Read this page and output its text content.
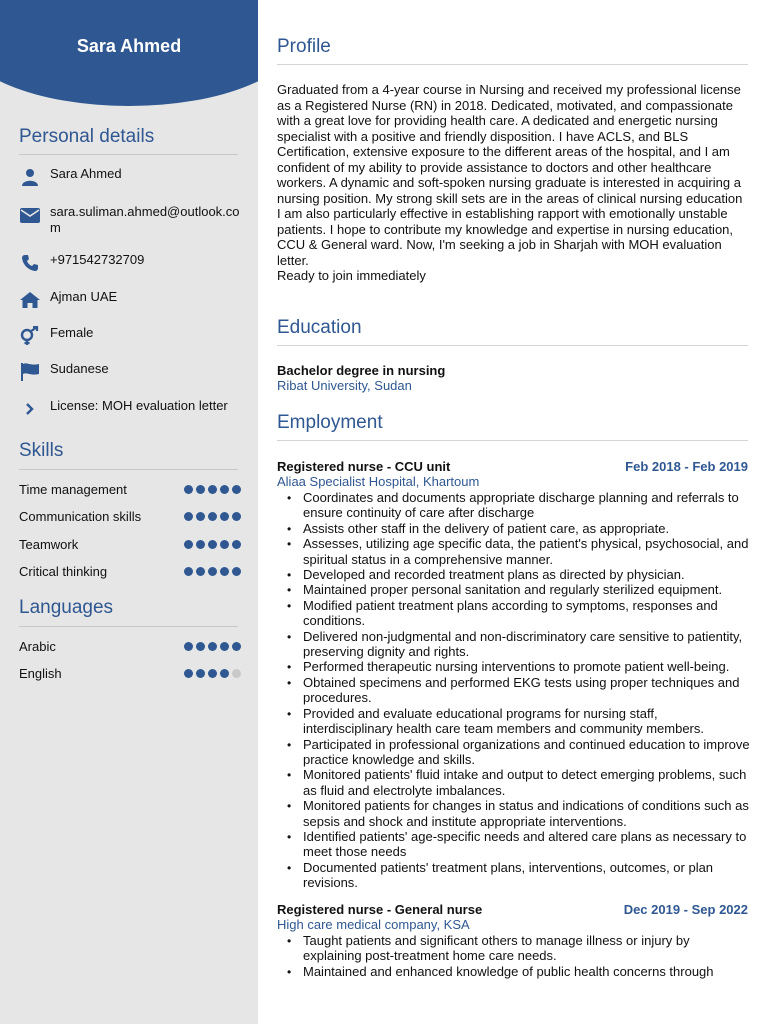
Sara Ahmed
Personal details
Sara Ahmed
sara.suliman.ahmed@outlook.com
+971542732709
Ajman UAE
Female
Sudanese
License: MOH evaluation letter
Skills
Time management
Communication skills
Teamwork
Critical thinking
Languages
Arabic
English
Profile
Graduated from a 4-year course in Nursing and received my professional license as a Registered Nurse (RN) in 2018. Dedicated, motivated, and compassionate with a great love for providing health care. A dedicated and energetic nursing specialist with a positive and friendly disposition. I have ACLS, and BLS Certification, extensive exposure to the different areas of the hospital, and I am confident of my ability to provide assistance to doctors and other healthcare workers. A dynamic and soft-spoken nursing graduate is interested in acquiring a nursing position. My strong skill sets are in the areas of clinical nursing education I am also particularly effective in establishing rapport with emotionally unstable patients. I hope to contribute my knowledge and expertise in nursing education, CCU & General ward. Now, I'm seeking a job in Sharjah with MOH evaluation letter.
Ready to join immediately
Education
Bachelor degree in nursing
Ribat University, Sudan
Employment
Registered nurse - CCU unit	Feb 2018 - Feb 2019
Aliaa Specialist Hospital, Khartoum
• Coordinates and documents appropriate discharge planning and referrals to ensure continuity of care after discharge
• Assists other staff in the delivery of patient care, as appropriate.
• Assesses, utilizing age specific data, the patient's physical, psychosocial, and spiritual status in a comprehensive manner.
• Developed and recorded treatment plans as directed by physician.
• Maintained proper personal sanitation and regularly sterilized equipment.
• Modified patient treatment plans according to symptoms, responses and conditions.
• Delivered non-judgmental and non-discriminatory care sensitive to patientity, preserving dignity and rights.
• Performed therapeutic nursing interventions to promote patient well-being.
• Obtained specimens and performed EKG tests using proper techniques and procedures.
• Provided and evaluate educational programs for nursing staff, interdisciplinary health care team members and community members.
• Participated in professional organizations and continued education to improve practice knowledge and skills.
• Monitored patients' fluid intake and output to detect emerging problems, such as fluid and electrolyte imbalances.
• Monitored patients for changes in status and indications of conditions such as sepsis and shock and institute appropriate interventions.
• Identified patients' age-specific needs and altered care plans as necessary to meet those needs
• Documented patients' treatment plans, interventions, outcomes, or plan revisions.
Registered nurse - General nurse	Dec 2019 - Sep 2022
High care medical company, KSA
• Taught patients and significant others to manage illness or injury by explaining post-treatment home care needs.
• Maintained and enhanced knowledge of public health concerns through
